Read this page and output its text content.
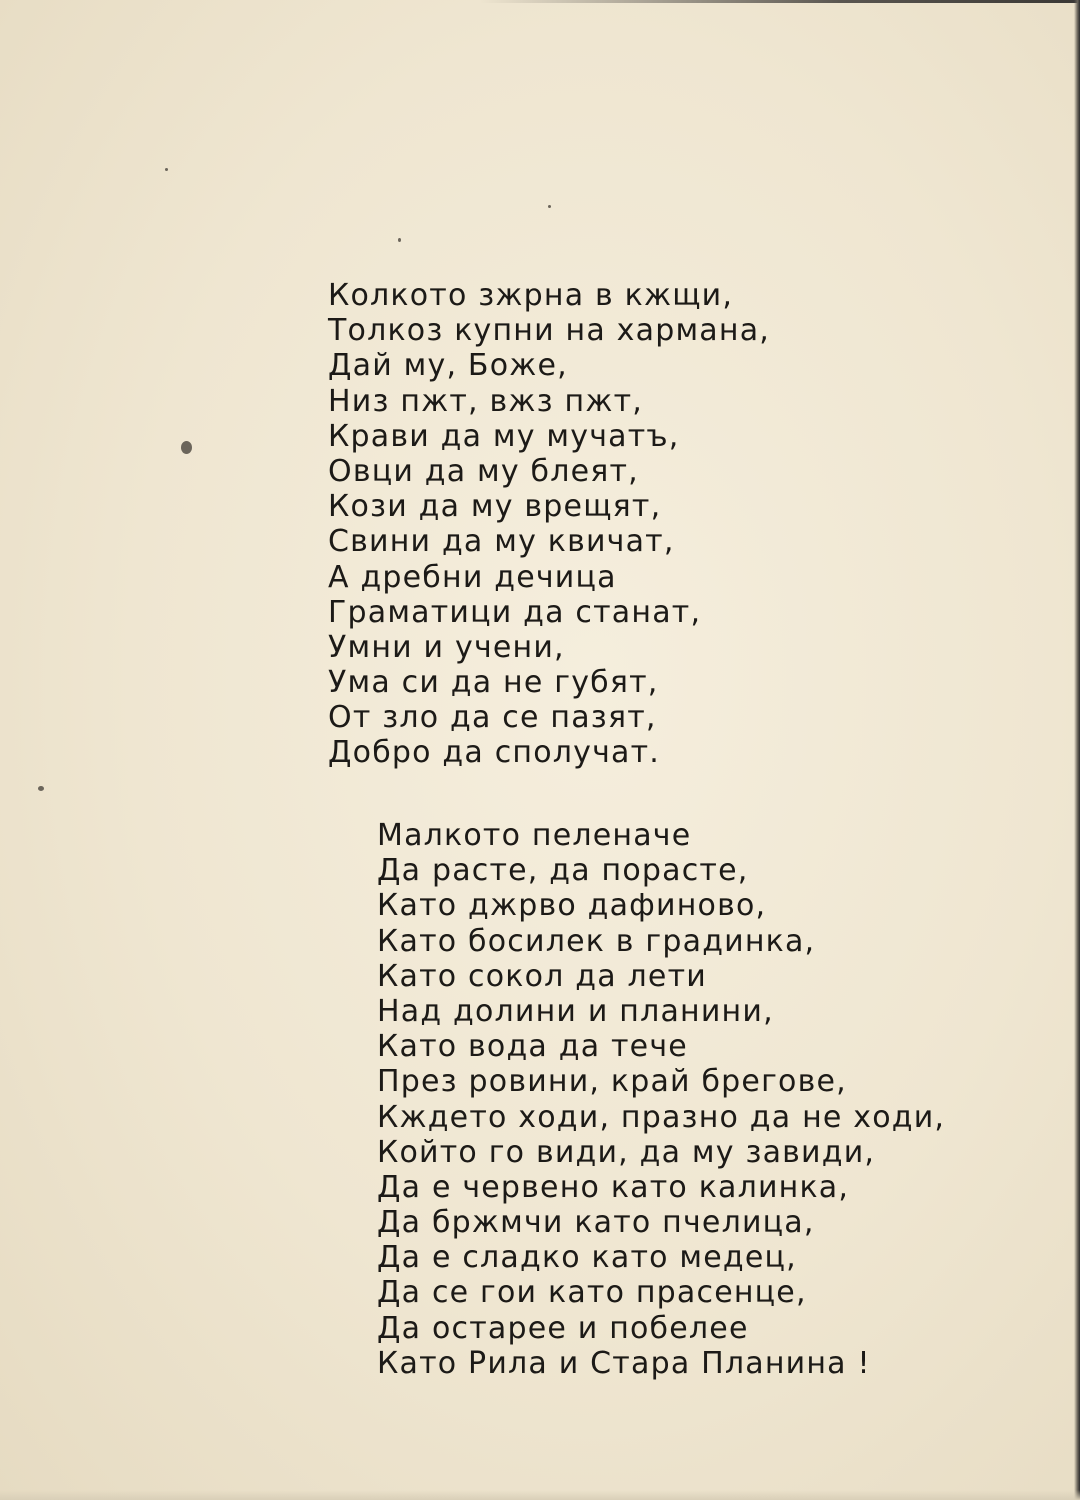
Колкото зжрна в кжщи,
Толкоз купни на хармана,
Дай му, Боже,
Низ пжт, вжз пжт,
Крави да му мучатъ,
Овци да му блеят,
Кози да му врещят,
Свини да му квичат,
А дребни дечица
Граматици да станат,
Умни и учени,
Ума си да не губят,
От зло да се пазят,
Добро да сполучат.
Малкото пеленаче
Да расте, да порасте,
Като джрво дафиново,
Като босилек в градинка,
Като сокол да лети
Над долини и планини,
Като вода да тече
През ровини, край брегове,
Кждето ходи, празно да не ходи,
Който го види, да му завиди,
Да е червено като калинка,
Да бржмчи като пчелица,
Да е сладко като медец,
Да се гои като прасенце,
Да остарее и побелее
Като Рила и Стара Планина !
